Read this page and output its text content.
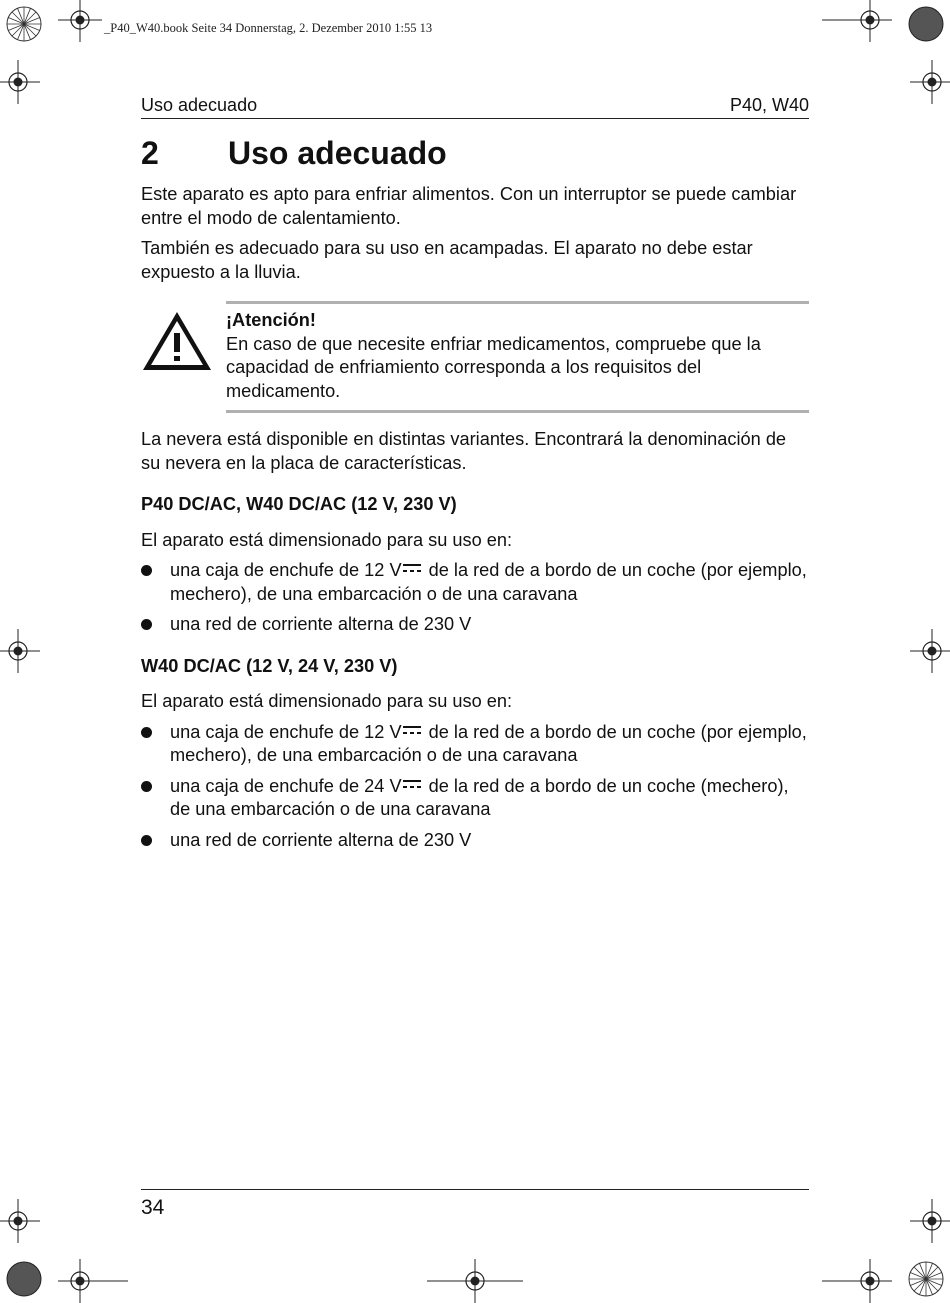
_P40_W40.book Seite 34 Donnerstag, 2. Dezember 2010 1:55 13
Uso adecuado	P40, W40
2	Uso adecuado

Este aparato es apto para enfriar alimentos. Con un interruptor se puede cambiar entre el modo de calentamiento.

También es adecuado para su uso en acampadas. El aparato no debe estar expuesto a la lluvia.

¡Atención!
En caso de que necesite enfriar medicamentos, compruebe que la capacidad de enfriamiento corresponda a los requisitos del medicamento.

La nevera está disponible en distintas variantes. Encontrará la denominación de su nevera en la placa de características.

P40 DC/AC, W40 DC/AC (12 V, 230 V)

El aparato está dimensionado para su uso en:

una caja de enchufe de 12 V de la red de a bordo de un coche (por ejemplo, mechero), de una embarcación o de una caravana
una red de corriente alterna de 230 V
W40 DC/AC (12 V, 24 V, 230 V)

El aparato está dimensionado para su uso en:

una caja de enchufe de 12 V de la red de a bordo de un coche (por ejemplo, mechero), de una embarcación o de una caravana
una caja de enchufe de 24 V de la red de a bordo de un coche (mechero), de una embarcación o de una caravana
una red de corriente alterna de 230 V
34
